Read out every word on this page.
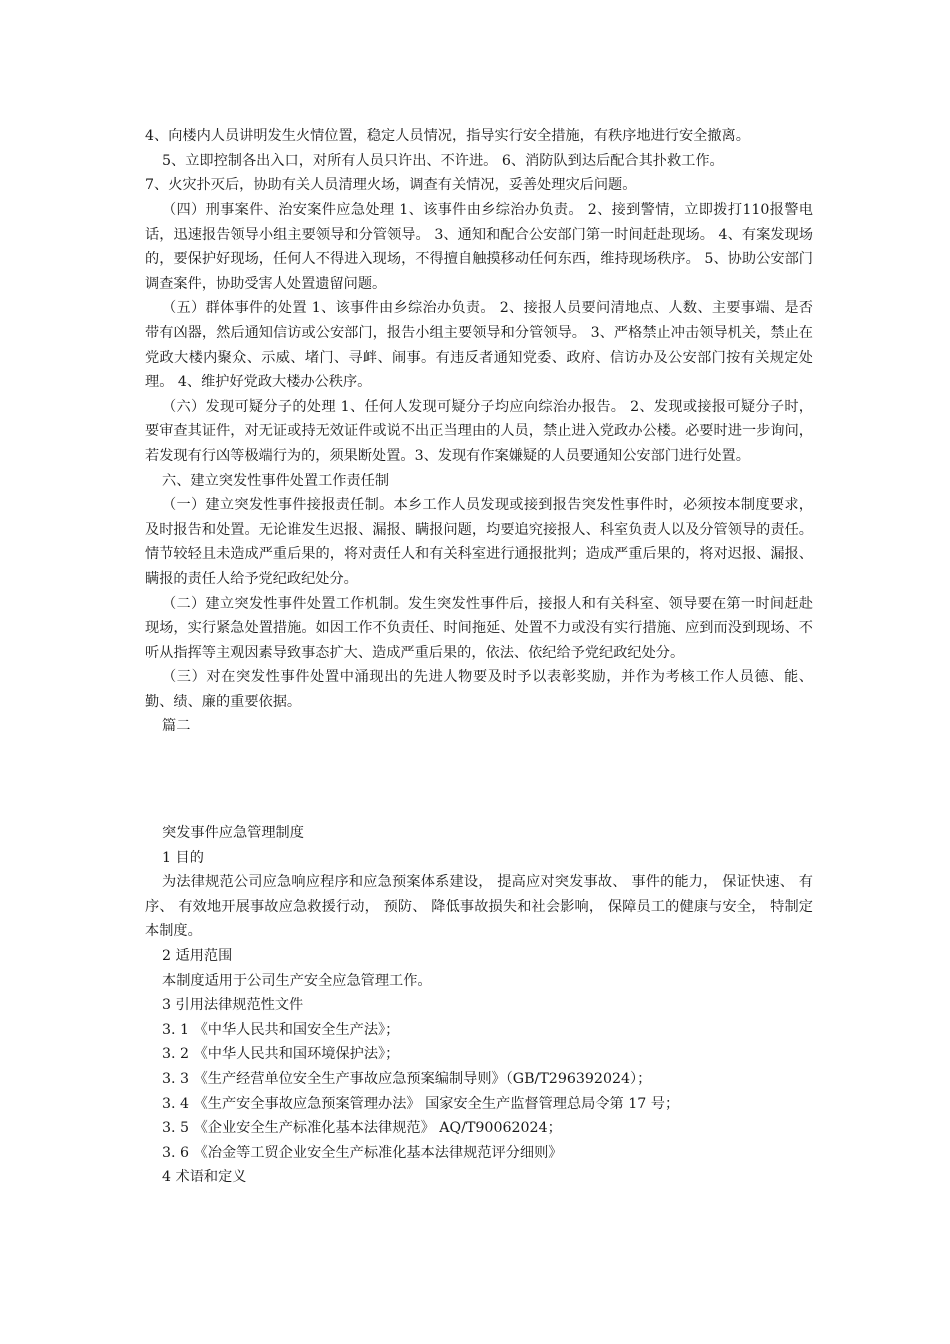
4、向楼内人员讲明发生火情位置，稳定人员情况，指导实行安全措施，有秩序地进行安全撤离。

5、立即控制各出入口，对所有人员只许出、不许进。 6、消防队到达后配合其扑救工作。

7、火灾扑灭后，协助有关人员清理火场，调查有关情况，妥善处理灾后问题。

（四）刑事案件、治安案件应急处理 1、该事件由乡综治办负责。 2、接到警情，立即拨打110报警电话，迅速报告领导小组主要领导和分管领导。 3、通知和配合公安部门第一时间赶赴现场。 4、有案发现场的，要保护好现场，任何人不得进入现场，不得擅自触摸移动任何东西，维持现场秩序。 5、协助公安部门调查案件，协助受害人处置遗留问题。

（五）群体事件的处置 1、该事件由乡综治办负责。 2、接报人员要问清地点、人数、主要事端、是否带有凶器，然后通知信访或公安部门，报告小组主要领导和分管领导。 3、严格禁止冲击领导机关，禁止在党政大楼内聚众、示威、堵门、寻衅、闹事。有违反者通知党委、政府、信访办及公安部门按有关规定处理。 4、维护好党政大楼办公秩序。

（六）发现可疑分子的处理 1、任何人发现可疑分子均应向综治办报告。 2、发现或接报可疑分子时，要审查其证件，对无证或持无效证件或说不出正当理由的人员，禁止进入党政办公楼。必要时进一步询问，若发现有行凶等极端行为的，须果断处置。3、发现有作案嫌疑的人员要通知公安部门进行处置。

六、建立突发性事件处置工作责任制

（一）建立突发性事件接报责任制。本乡工作人员发现或接到报告突发性事件时，必须按本制度要求，及时报告和处置。无论谁发生迟报、漏报、瞒报问题，均要追究接报人、科室负责人以及分管领导的责任。情节较轻且未造成严重后果的，将对责任人和有关科室进行通报批判；造成严重后果的，将对迟报、漏报、瞒报的责任人给予党纪政纪处分。

（二）建立突发性事件处置工作机制。发生突发性事件后，接报人和有关科室、领导要在第一时间赶赴现场，实行紧急处置措施。如因工作不负责任、时间拖延、处置不力或没有实行措施、应到而没到现场、不听从指挥等主观因素导致事态扩大、造成严重后果的，依法、依纪给予党纪政纪处分。

（三）对在突发性事件处置中涌现出的先进人物要及时予以表彰奖励，并作为考核工作人员德、能、勤、绩、廉的重要依据。

篇二

突发事件应急管理制度

1 目的

为法律规范公司应急响应程序和应急预案体系建设， 提高应对突发事故、 事件的能力， 保证快速、 有序、 有效地开展事故应急救援行动， 预防、 降低事故损失和社会影响， 保障员工的健康与安全， 特制定本制度。

2 适用范围

本制度适用于公司生产安全应急管理工作。

3 引用法律规范性文件

3. 1 《中华人民共和国安全生产法》；

3. 2 《中华人民共和国环境保护法》；

3. 3 《生产经营单位安全生产事故应急预案编制导则》（GB/T296392024）；

3. 4 《生产安全事故应急预案管理办法》 国家安全生产监督管理总局令第 17 号；

3. 5 《企业安全生产标准化基本法律规范》 AQ/T90062024；

3. 6 《冶金等工贸企业安全生产标准化基本法律规范评分细则》

4 术语和定义
